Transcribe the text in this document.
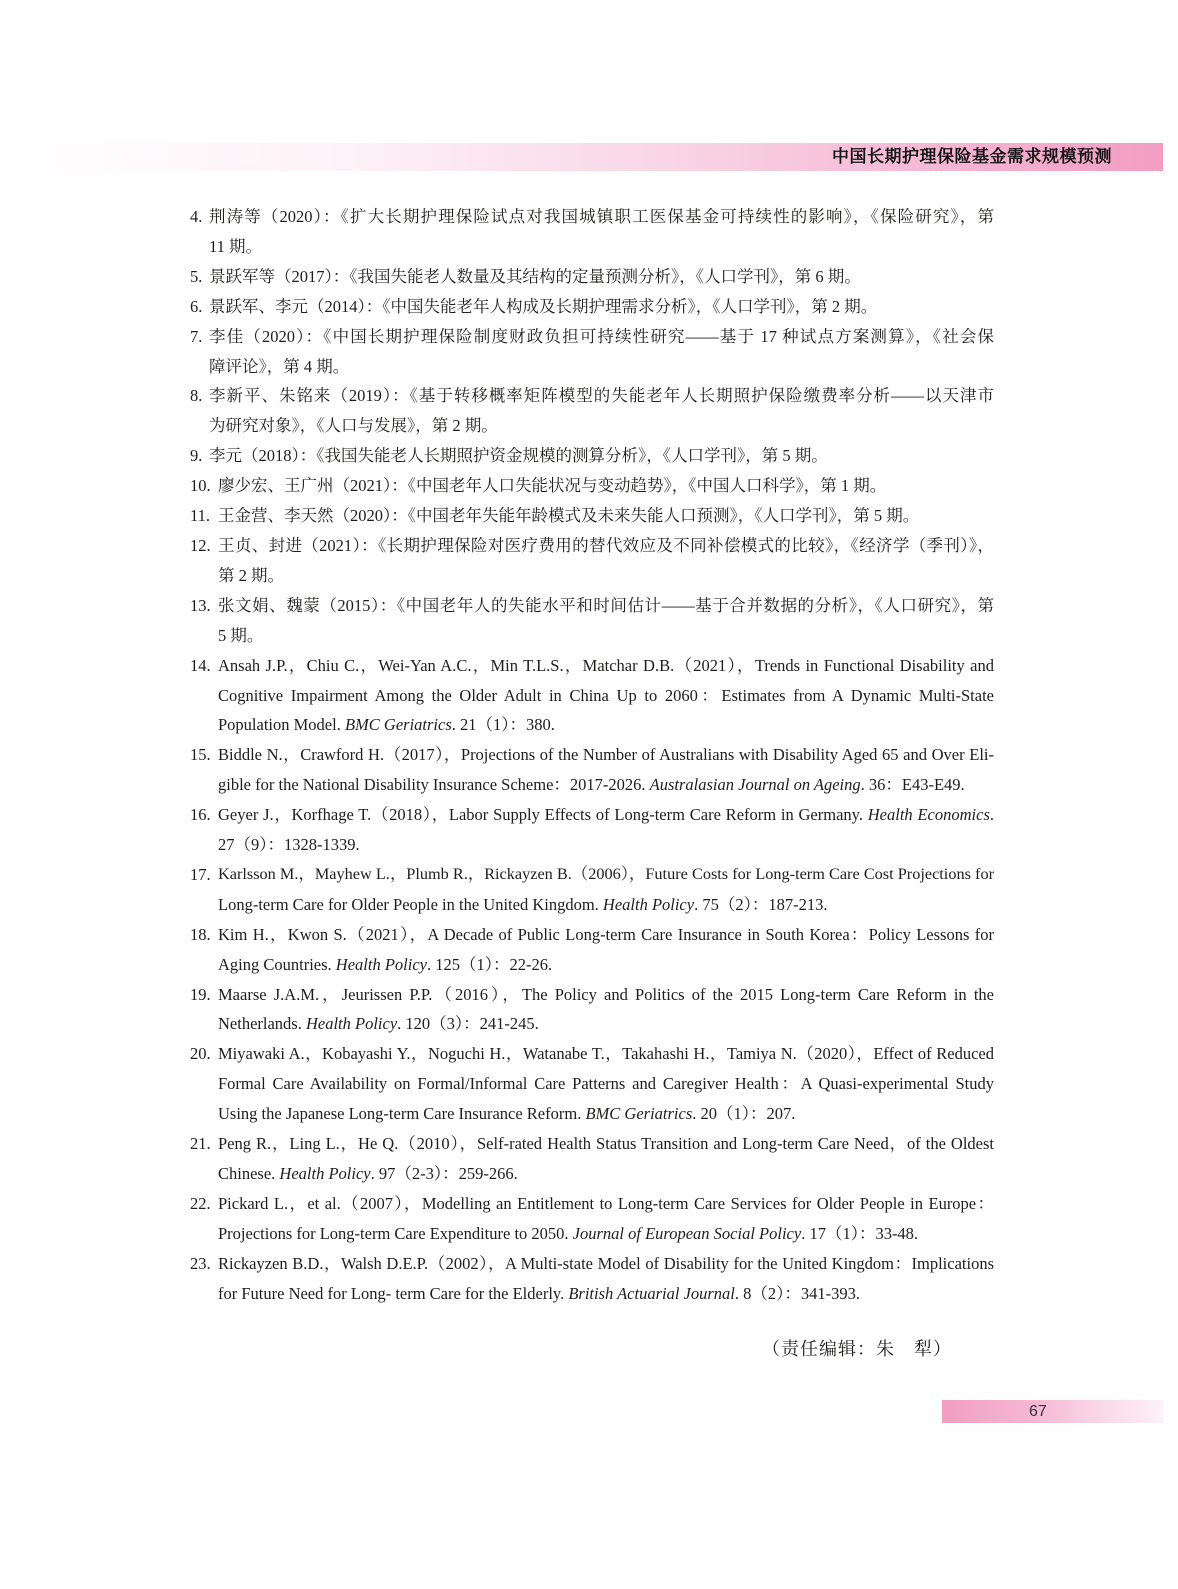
中国长期护理保险基金需求规模预测
4. 荆涛等（2020）：《扩大长期护理保险试点对我国城镇职工医保基金可持续性的影响》，《保险研究》，第
11 期。
5. 景跃军等（2017）：《我国失能老人数量及其结构的定量预测分析》，《人口学刊》，第 6 期。
6. 景跃军、李元（2014）：《中国失能老年人构成及长期护理需求分析》，《人口学刊》，第 2 期。
7. 李佳（2020）：《中国长期护理保险制度财政负担可持续性研究——基于 17 种试点方案测算》，《社会保
障评论》，第 4 期。
8. 李新平、朱铭来（2019）：《基于转移概率矩阵模型的失能老年人长期照护保险缴费率分析——以天津市
为研究对象》，《人口与发展》，第 2 期。
9. 李元（2018）：《我国失能老人长期照护资金规模的测算分析》，《人口学刊》，第 5 期。
10. 廖少宏、王广州（2021）：《中国老年人口失能状况与变动趋势》，《中国人口科学》，第 1 期。
11. 王金营、李天然（2020）：《中国老年失能年龄模式及未来失能人口预测》，《人口学刊》，第 5 期。
12. 王贞、封进（2021）：《长期护理保险对医疗费用的替代效应及不同补偿模式的比较》，《经济学（季刊）》，
第 2 期。
13. 张文娟、魏蒙（2015）：《中国老年人的失能水平和时间估计——基于合并数据的分析》，《人口研究》，第
5 期。
14. Ansah J.P.，Chiu C.，Wei-Yan A.C.，Min T.L.S.，Matchar D.B.（2021），Trends in Functional Disability and
Cognitive Impairment Among the Older Adult in China Up to 2060：Estimates from A Dynamic Multi-State
Population Model. BMC Geriatrics. 21（1）：380.
15. Biddle N.，Crawford H.（2017），Projections of the Number of Australians with Disability Aged 65 and Over Eli-
gible for the National Disability Insurance Scheme：2017-2026. Australasian Journal on Ageing. 36：E43-E49.
16. Geyer J.，Korfhage T.（2018），Labor Supply Effects of Long-term Care Reform in Germany. Health Economics.
27（9）：1328-1339.
17. Karlsson M.，Mayhew L.，Plumb R.，Rickayzen B.（2006），Future Costs for Long-term Care Cost Projections for
Long-term Care for Older People in the United Kingdom. Health Policy. 75（2）：187-213.
18. Kim H.，Kwon S.（2021），A Decade of Public Long-term Care Insurance in South Korea：Policy Lessons for
Aging Countries. Health Policy. 125（1）：22-26.
19. Maarse J.A.M.，Jeurissen P.P.（2016），The Policy and Politics of the 2015 Long-term Care Reform in the
Netherlands. Health Policy. 120（3）：241-245.
20. Miyawaki A.，Kobayashi Y.，Noguchi H.，Watanabe T.，Takahashi H.，Tamiya N.（2020），Effect of Reduced
Formal Care Availability on Formal/Informal Care Patterns and Caregiver Health：A Quasi-experimental Study
Using the Japanese Long-term Care Insurance Reform. BMC Geriatrics. 20（1）：207.
21. Peng R.，Ling L.，He Q.（2010），Self-rated Health Status Transition and Long-term Care Need，of the Oldest
Chinese. Health Policy. 97（2-3）：259-266.
22. Pickard L.，et al.（2007），Modelling an Entitlement to Long-term Care Services for Older People in Europe：
Projections for Long-term Care Expenditure to 2050. Journal of European Social Policy. 17（1）：33-48.
23. Rickayzen B.D.，Walsh D.E.P.（2002），A Multi-state Model of Disability for the United Kingdom：Implications
for Future Need for Long- term Care for the Elderly. British Actuarial Journal. 8（2）：341-393.
（责任编辑：朱　犁）
67
